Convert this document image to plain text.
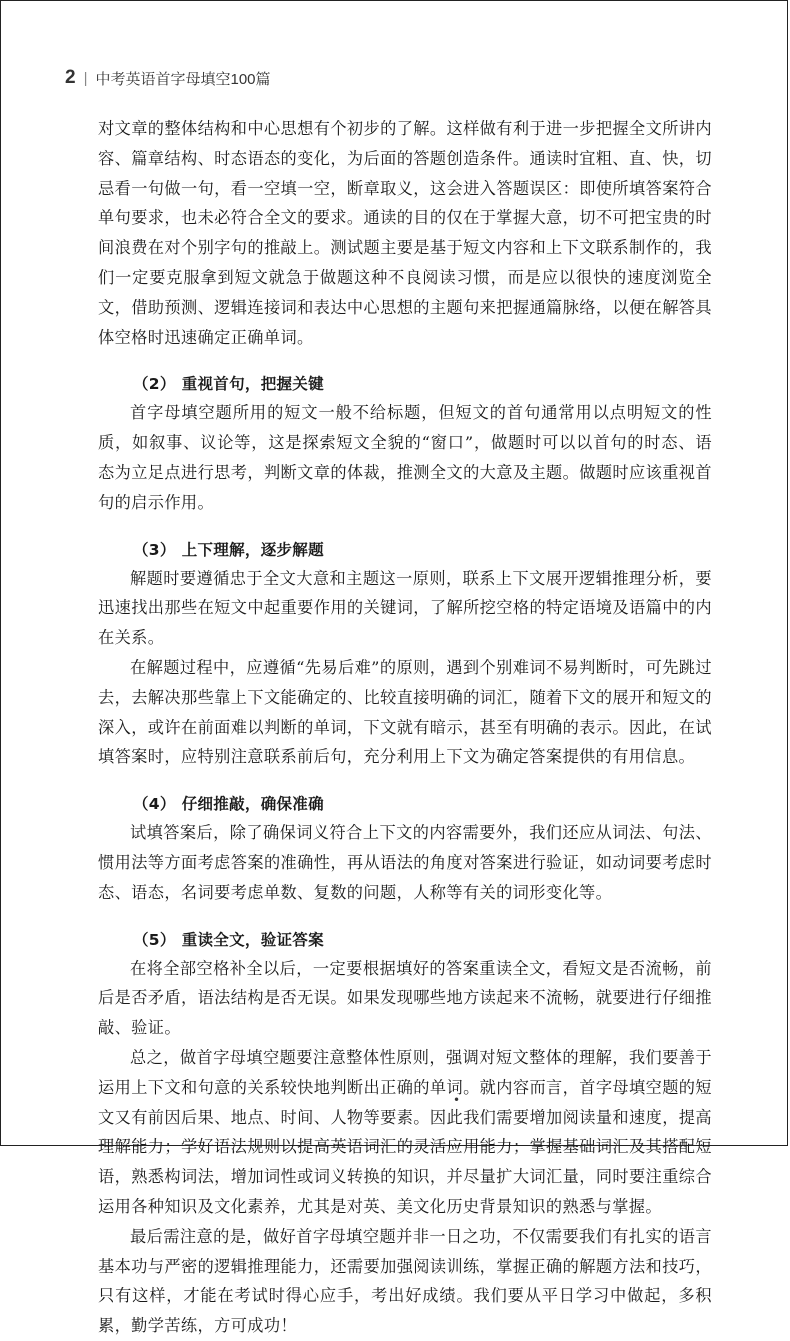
2 | 中考英语首字母填空100篇

对文章的整体结构和中心思想有个初步的了解。这样做有利于进一步把握全文所讲内容、篇章结构、时态语态的变化，为后面的答题创造条件。通读时宜粗、直、快，切忌看一句做一句，看一空填一空，断章取义，这会进入答题误区：即使所填答案符合单句要求，也未必符合全文的要求。通读的目的仅在于掌握大意，切不可把宝贵的时间浪费在对个别字句的推敲上。测试题主要是基于短文内容和上下文联系制作的，我们一定要克服拿到短文就急于做题这种不良阅读习惯，而是应以很快的速度浏览全文，借助预测、逻辑连接词和表达中心思想的主题句来把握通篇脉络，以便在解答具体空格时迅速确定正确单词。

（2） 重视首句，把握关键

首字母填空题所用的短文一般不给标题，但短文的首句通常用以点明短文的性质，如叙事、议论等，这是探索短文全貌的“窗口”，做题时可以以首句的时态、语态为立足点进行思考，判断文章的体裁，推测全文的大意及主题。做题时应该重视首句的启示作用。

（3） 上下理解，逐步解题

解题时要遵循忠于全文大意和主题这一原则，联系上下文展开逻辑推理分析，要迅速找出那些在短文中起重要作用的关键词，了解所挖空格的特定语境及语篇中的内在关系。

在解题过程中，应遵循“先易后难”的原则，遇到个别难词不易判断时，可先跳过去，去解决那些靠上下文能确定的、比较直接明确的词汇，随着下文的展开和短文的深入，或许在前面难以判断的单词，下文就有暗示，甚至有明确的表示。因此，在试填答案时，应特别注意联系前后句，充分利用上下文为确定答案提供的有用信息。

（4） 仔细推敲，确保准确

试填答案后，除了确保词义符合上下文的内容需要外，我们还应从词法、句法、惯用法等方面考虑答案的准确性，再从语法的角度对答案进行验证，如动词要考虑时态、语态，名词要考虑单数、复数的问题，人称等有关的词形变化等。

（5） 重读全文，验证答案

在将全部空格补全以后，一定要根据填好的答案重读全文，看短文是否流畅，前后是否矛盾，语法结构是否无误。如果发现哪些地方读起来不流畅，就要进行仔细推敲、验证。

总之，做首字母填空题要注意整体性原则，强调对短文整体的理解，我们要善于运用上下文和句意的关系较快地判断出正确的单词。就内容而言，首字母填空题的短文又有前因后果、地点、时间、人物等要素。因此我们需要增加阅读量和速度，提高理解能力；学好语法规则以提高英语词汇的灵活应用能力；掌握基础词汇及其搭配短语，熟悉构词法，增加词性或词义转换的知识，并尽量扩大词汇量，同时要注重综合运用各种知识及文化素养，尤其是对英、美文化历史背景知识的熟悉与掌握。

最后需注意的是，做好首字母填空题并非一日之功，不仅需要我们有扎实的语言基本功与严密的逻辑推理能力，还需要加强阅读训练，掌握正确的解题方法和技巧，只有这样，才能在考试时得心应手，考出好成绩。我们要从平日学习中做起，多积累，勤学苦练，方可成功！

•
